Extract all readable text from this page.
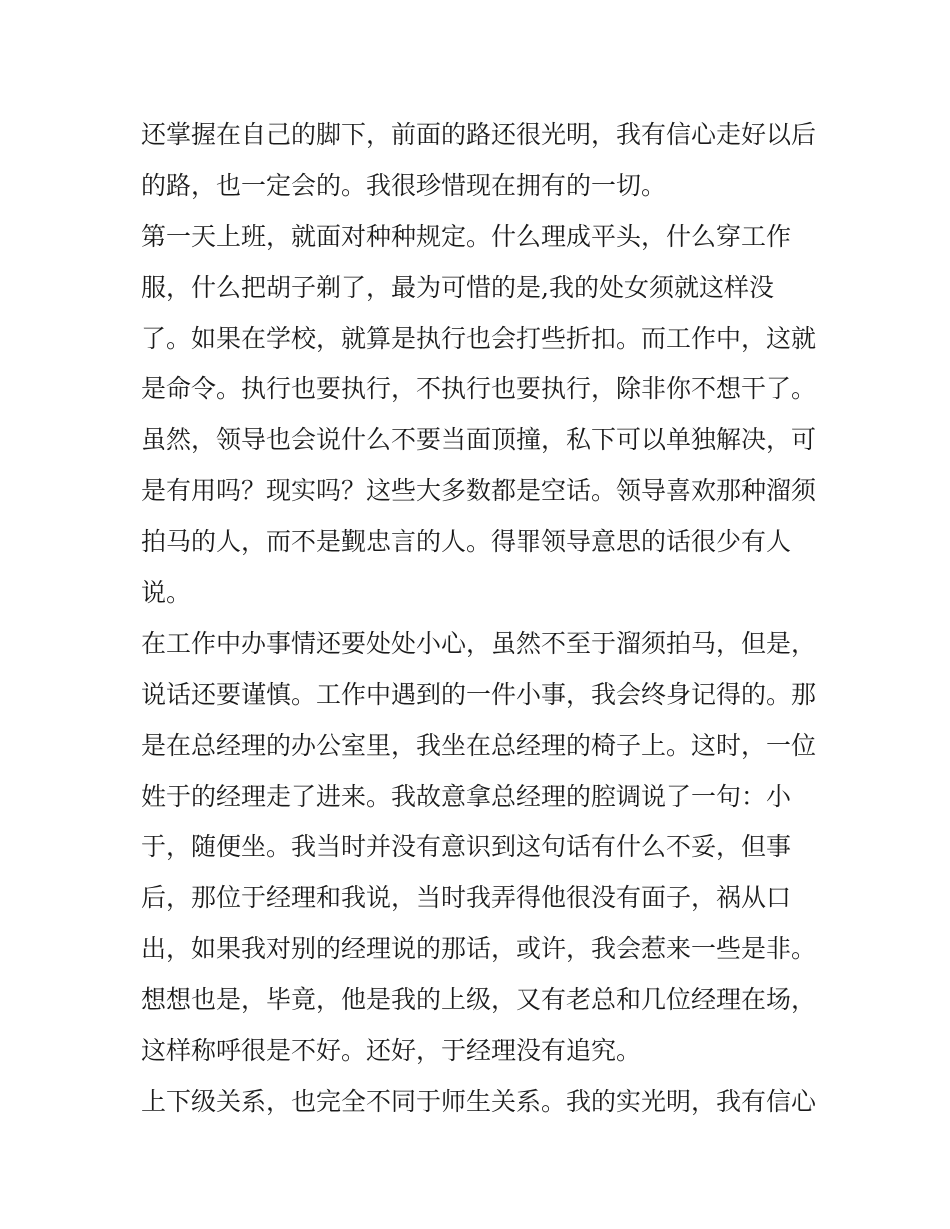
还掌握在自己的脚下，前面的路还很光明，我有信心走好以后
的路，也一定会的。我很珍惜现在拥有的一切。
第一天上班，就面对种种规定。什么理成平头，什么穿工作
服，什么把胡子剃了，最为可惜的是,我的处女须就这样没
了。如果在学校，就算是执行也会打些折扣。而工作中，这就
是命令。执行也要执行，不执行也要执行，除非你不想干了。
虽然，领导也会说什么不要当面顶撞，私下可以单独解决，可
是有用吗？现实吗？这些大多数都是空话。领导喜欢那种溜须
拍马的人，而不是觐忠言的人。得罪领导意思的话很少有人
说。
在工作中办事情还要处处小心，虽然不至于溜须拍马，但是，
说话还要谨慎。工作中遇到的一件小事，我会终身记得的。那
是在总经理的办公室里，我坐在总经理的椅子上。这时，一位
姓于的经理走了进来。我故意拿总经理的腔调说了一句：小
于，随便坐。我当时并没有意识到这句话有什么不妥，但事
后，那位于经理和我说，当时我弄得他很没有面子，祸从口
出，如果我对别的经理说的那话，或许，我会惹来一些是非。
想想也是，毕竟，他是我的上级，又有老总和几位经理在场，
这样称呼很是不好。还好，于经理没有追究。
上下级关系，也完全不同于师生关系。我的实光明，我有信心
